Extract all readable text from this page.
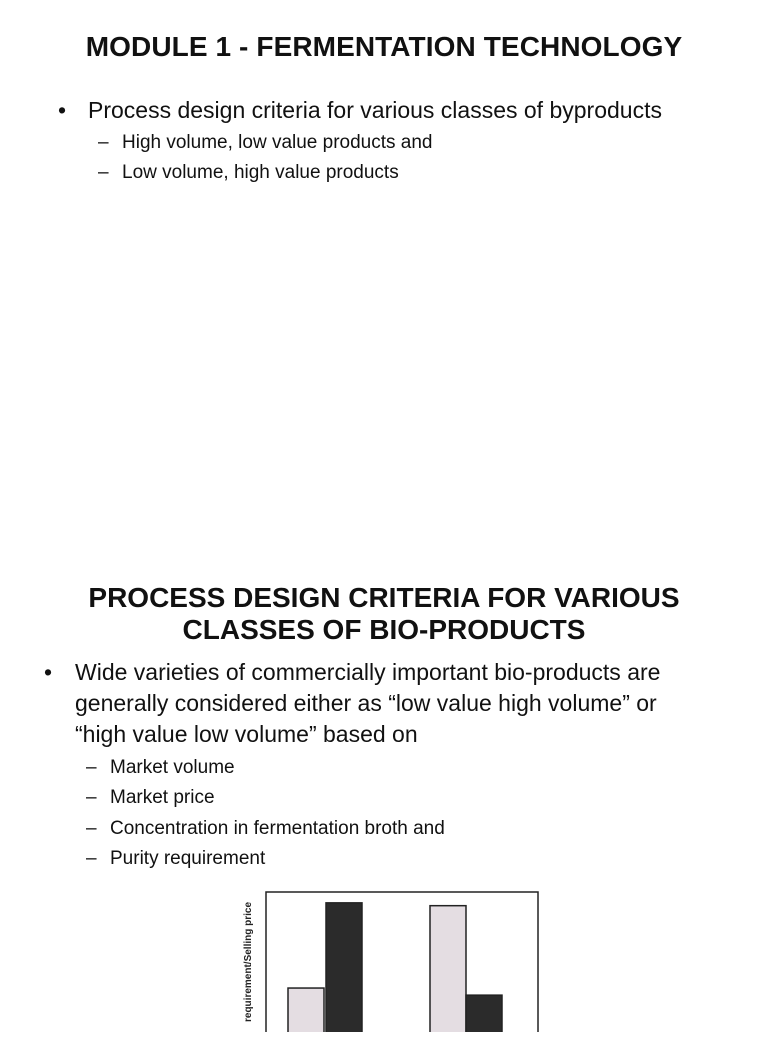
MODULE 1 - FERMENTATION TECHNOLOGY
• Process design criteria for various classes of byproducts
– High volume, low value products and
– Low volume, high value products
PROCESS DESIGN CRITERIA FOR VARIOUS
CLASSES OF BIO-PRODUCTS
• Wide varieties of commercially important bio-products are
generally considered either as “low value high volume” or
“high value low volume” based on
– Market volume
– Market price
– Concentration in fermentation broth and
– Purity requirement
requirement/Selling price
